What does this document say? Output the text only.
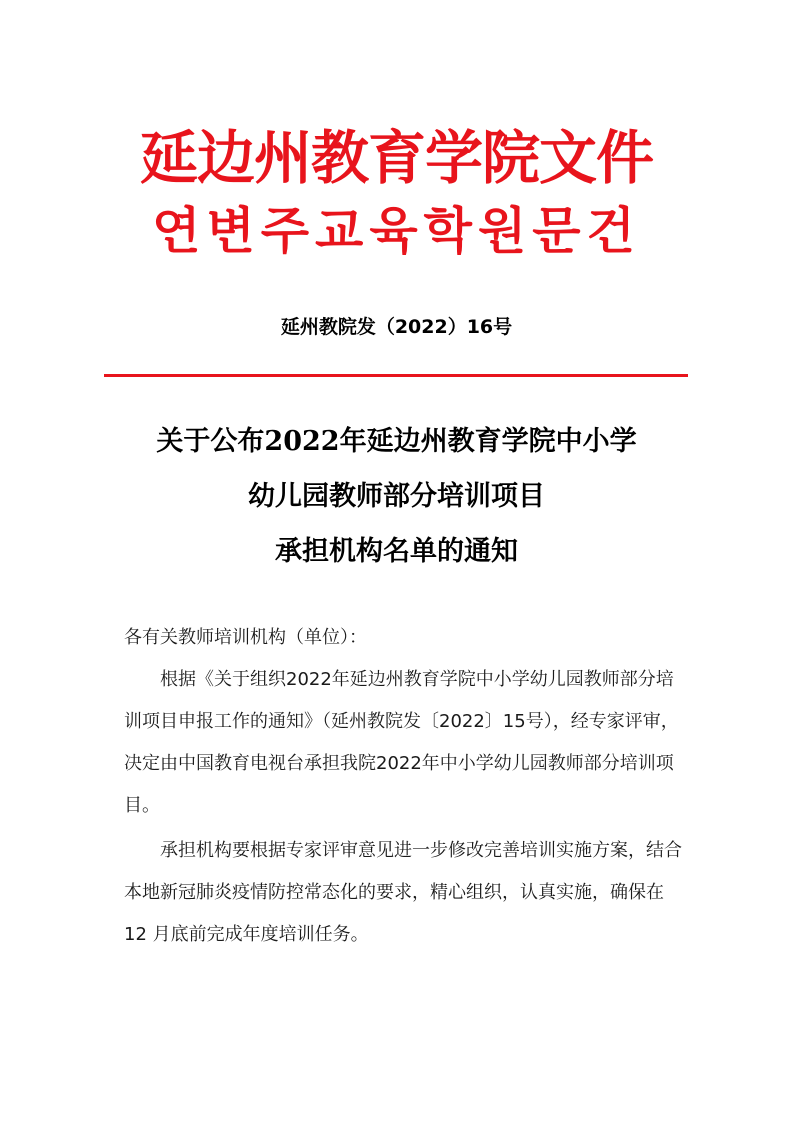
延边州教育学院文件
연변주교육학원문건
延州教院发（2022）16号
关于公布2022年延边州教育学院中小学
幼儿园教师部分培训项目
承担机构名单的通知

各有关教师培训机构（单位）：

根据《关于组织2022年延边州教育学院中小学幼儿园教师部分培训项目申报工作的通知》（延州教院发〔2022〕15号），经专家评审，决定由中国教育电视台承担我院2022年中小学幼儿园教师部分培训项目。

承担机构要根据专家评审意见进一步修改完善培训实施方案，结合本地新冠肺炎疫情防控常态化的要求，精心组织，认真实施，确保在 12 月底前完成年度培训任务。
